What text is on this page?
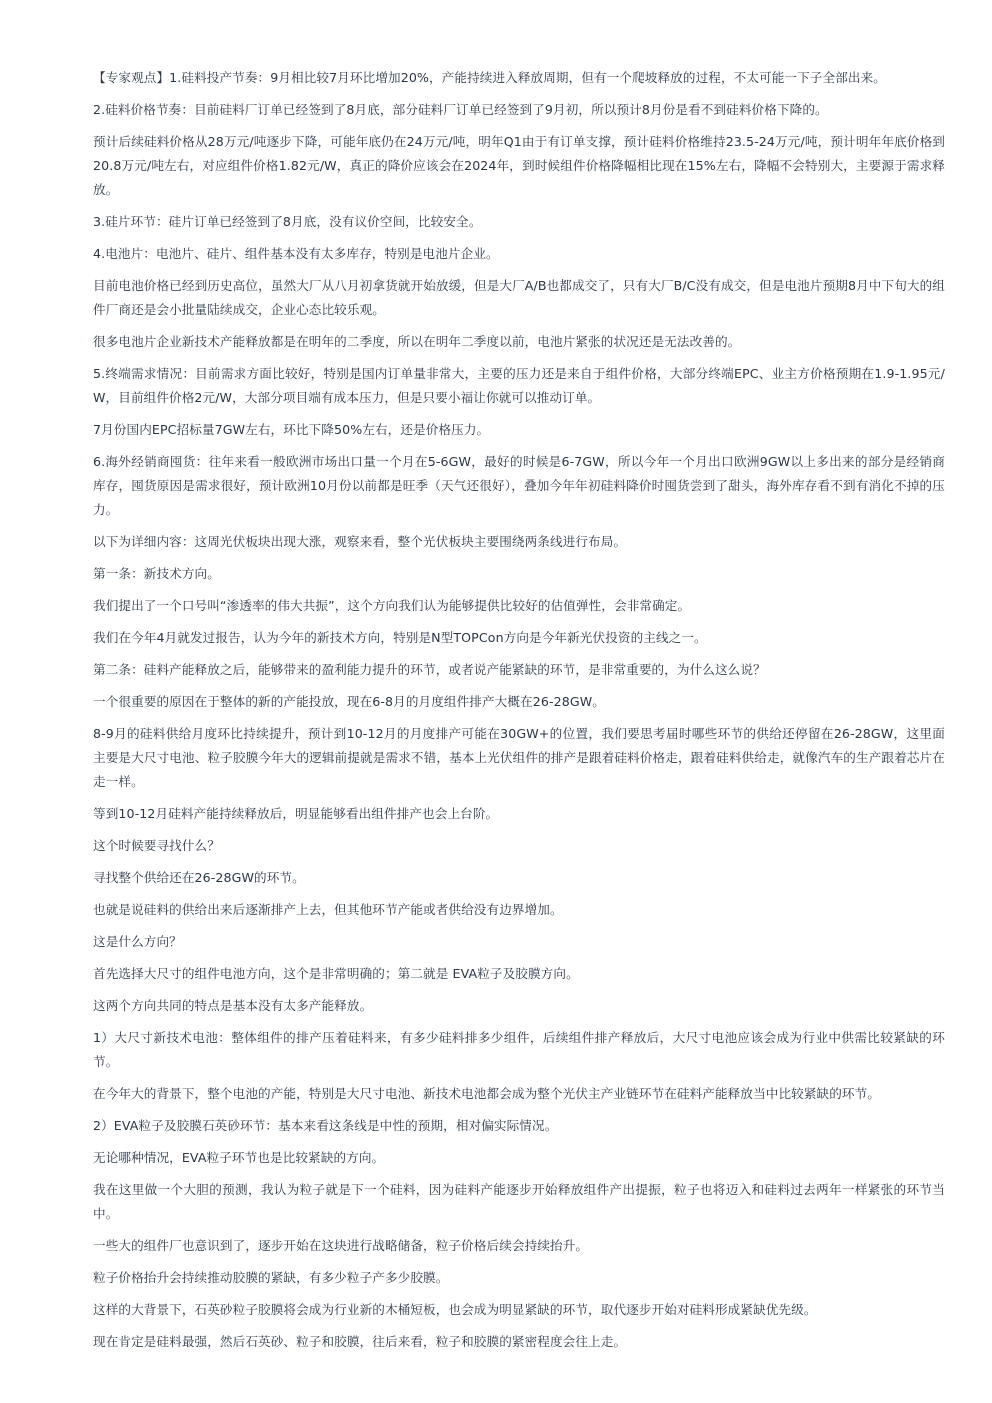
【专家观点】1.硅料投产节奏：9月相比较7月环比增加20%，产能持续进入释放周期，但有一个爬坡释放的过程，不太可能一下子全部出来。

2.硅料价格节奏：目前硅料厂订单已经签到了8月底，部分硅料厂订单已经签到了9月初，所以预计8月份是看不到硅料价格下降的。

预计后续硅料价格从28万元/吨逐步下降，可能年底仍在24万元/吨，明年Q1由于有订单支撑，预计硅料价格维持23.5-24万元/吨，预计明年年底价格到20.8万元/吨左右，对应组件价格1.82元/W，真正的降价应该会在2024年，到时候组件价格降幅相比现在15%左右，降幅不会特别大，主要源于需求释放。

3.硅片环节：硅片订单已经签到了8月底，没有议价空间，比较安全。

4.电池片：电池片、硅片、组件基本没有太多库存，特别是电池片企业。

目前电池价格已经到历史高位，虽然大厂从八月初拿货就开始放缓，但是大厂A/B也都成交了，只有大厂B/C没有成交，但是电池片预期8月中下旬大的组件厂商还是会小批量陆续成交，企业心态比较乐观。

很多电池片企业新技术产能释放都是在明年的二季度，所以在明年二季度以前，电池片紧张的状况还是无法改善的。

5.终端需求情况：目前需求方面比较好，特别是国内订单量非常大，主要的压力还是来自于组件价格，大部分终端EPC、业主方价格预期在1.9-1.95元/W，目前组件价格2元/W，大部分项目端有成本压力，但是只要小福让你就可以推动订单。

7月份国内EPC招标量7GW左右，环比下降50%左右，还是价格压力。

6.海外经销商囤货：往年来看一般欧洲市场出口量一个月在5-6GW，最好的时候是6-7GW，所以今年一个月出口欧洲9GW以上多出来的部分是经销商库存，囤货原因是需求很好，预计欧洲10月份以前都是旺季（天气还很好），叠加今年年初硅料降价时囤货尝到了甜头，海外库存看不到有消化不掉的压力。

以下为详细内容：这周光伏板块出现大涨，观察来看，整个光伏板块主要围绕两条线进行布局。

第一条：新技术方向。

我们提出了一个口号叫“渗透率的伟大共振”，这个方向我们认为能够提供比较好的估值弹性，会非常确定。

我们在今年4月就发过报告，认为今年的新技术方向，特别是N型TOPCon方向是今年新光伏投资的主线之一。

第二条：硅料产能释放之后，能够带来的盈利能力提升的环节，或者说产能紧缺的环节，是非常重要的，为什么这么说？

一个很重要的原因在于整体的新的产能投放，现在6-8月的月度组件排产大概在26-28GW。

8-9月的硅料供给月度环比持续提升，预计到10-12月的月度排产可能在30GW+的位置，我们要思考届时哪些环节的供给还停留在26-28GW，这里面主要是大尺寸电池、粒子胶膜今年大的逻辑前提就是需求不错，基本上光伏组件的排产是跟着硅料价格走，跟着硅料供给走，就像汽车的生产跟着芯片在走一样。

等到10-12月硅料产能持续释放后，明显能够看出组件排产也会上台阶。

这个时候要寻找什么？

寻找整个供给还在26-28GW的环节。

也就是说硅料的供给出来后逐渐排产上去，但其他环节产能或者供给没有边界增加。

这是什么方向？

首先选择大尺寸的组件电池方向，这个是非常明确的；第二就是 EVA粒子及胶膜方向。

这两个方向共同的特点是基本没有太多产能释放。

1）大尺寸新技术电池：整体组件的排产压着硅料来，有多少硅料排多少组件，后续组件排产释放后，大尺寸电池应该会成为行业中供需比较紧缺的环节。

在今年大的背景下，整个电池的产能，特别是大尺寸电池、新技术电池都会成为整个光伏主产业链环节在硅料产能释放当中比较紧缺的环节。

2）EVA粒子及胶膜石英砂环节：基本来看这条线是中性的预期，相对偏实际情况。

无论哪种情况，EVA粒子环节也是比较紧缺的方向。

我在这里做一个大胆的预测，我认为粒子就是下一个硅料，因为硅料产能逐步开始释放组件产出提振，粒子也将迈入和硅料过去两年一样紧张的环节当中。

一些大的组件厂也意识到了，逐步开始在这块进行战略储备，粒子价格后续会持续抬升。

粒子价格抬升会持续推动胶膜的紧缺，有多少粒子产多少胶膜。

这样的大背景下，石英砂粒子胶膜将会成为行业新的木桶短板，也会成为明显紧缺的环节，取代逐步开始对硅料形成紧缺优先级。

现在肯定是硅料最强，然后石英砂、粒子和胶膜，往后来看，粒子和胶膜的紧密程度会往上走。
